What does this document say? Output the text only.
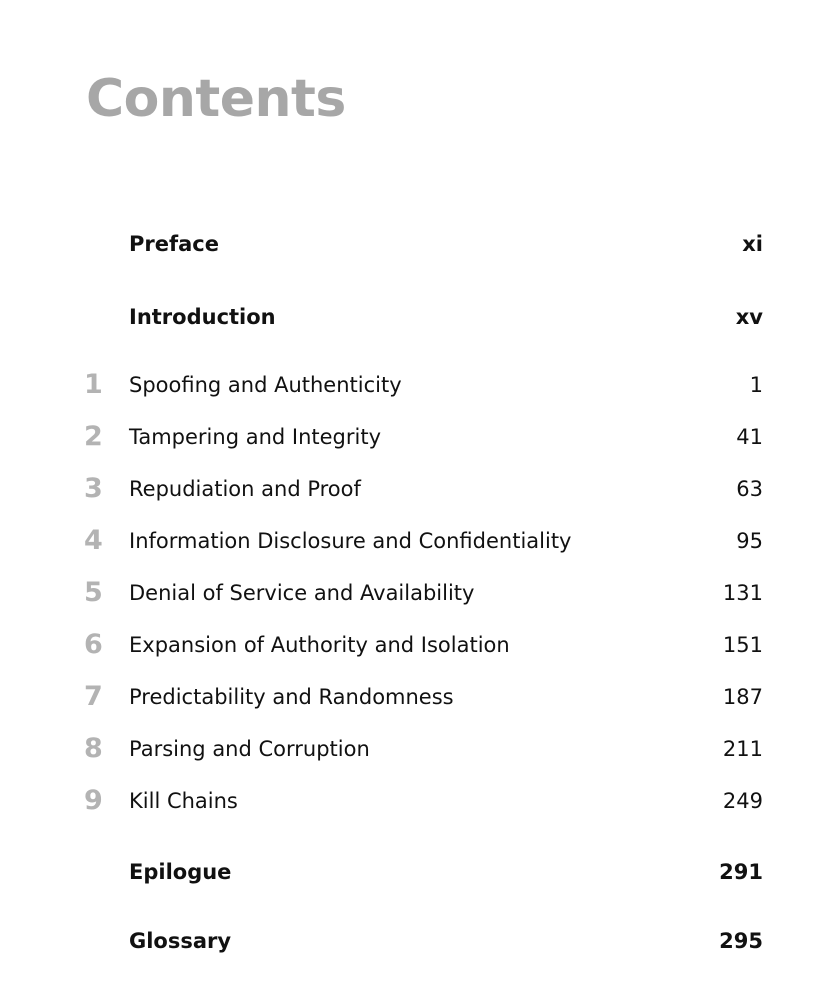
Contents
Preface	xi
Introduction	xv
1	Spoofing and Authenticity	1
2	Tampering and Integrity	41
3	Repudiation and Proof	63
4	Information Disclosure and Confidentiality	95
5	Denial of Service and Availability	131
6	Expansion of Authority and Isolation	151
7	Predictability and Randomness	187
8	Parsing and Corruption	211
9	Kill Chains	249
Epilogue	291
Glossary	295
